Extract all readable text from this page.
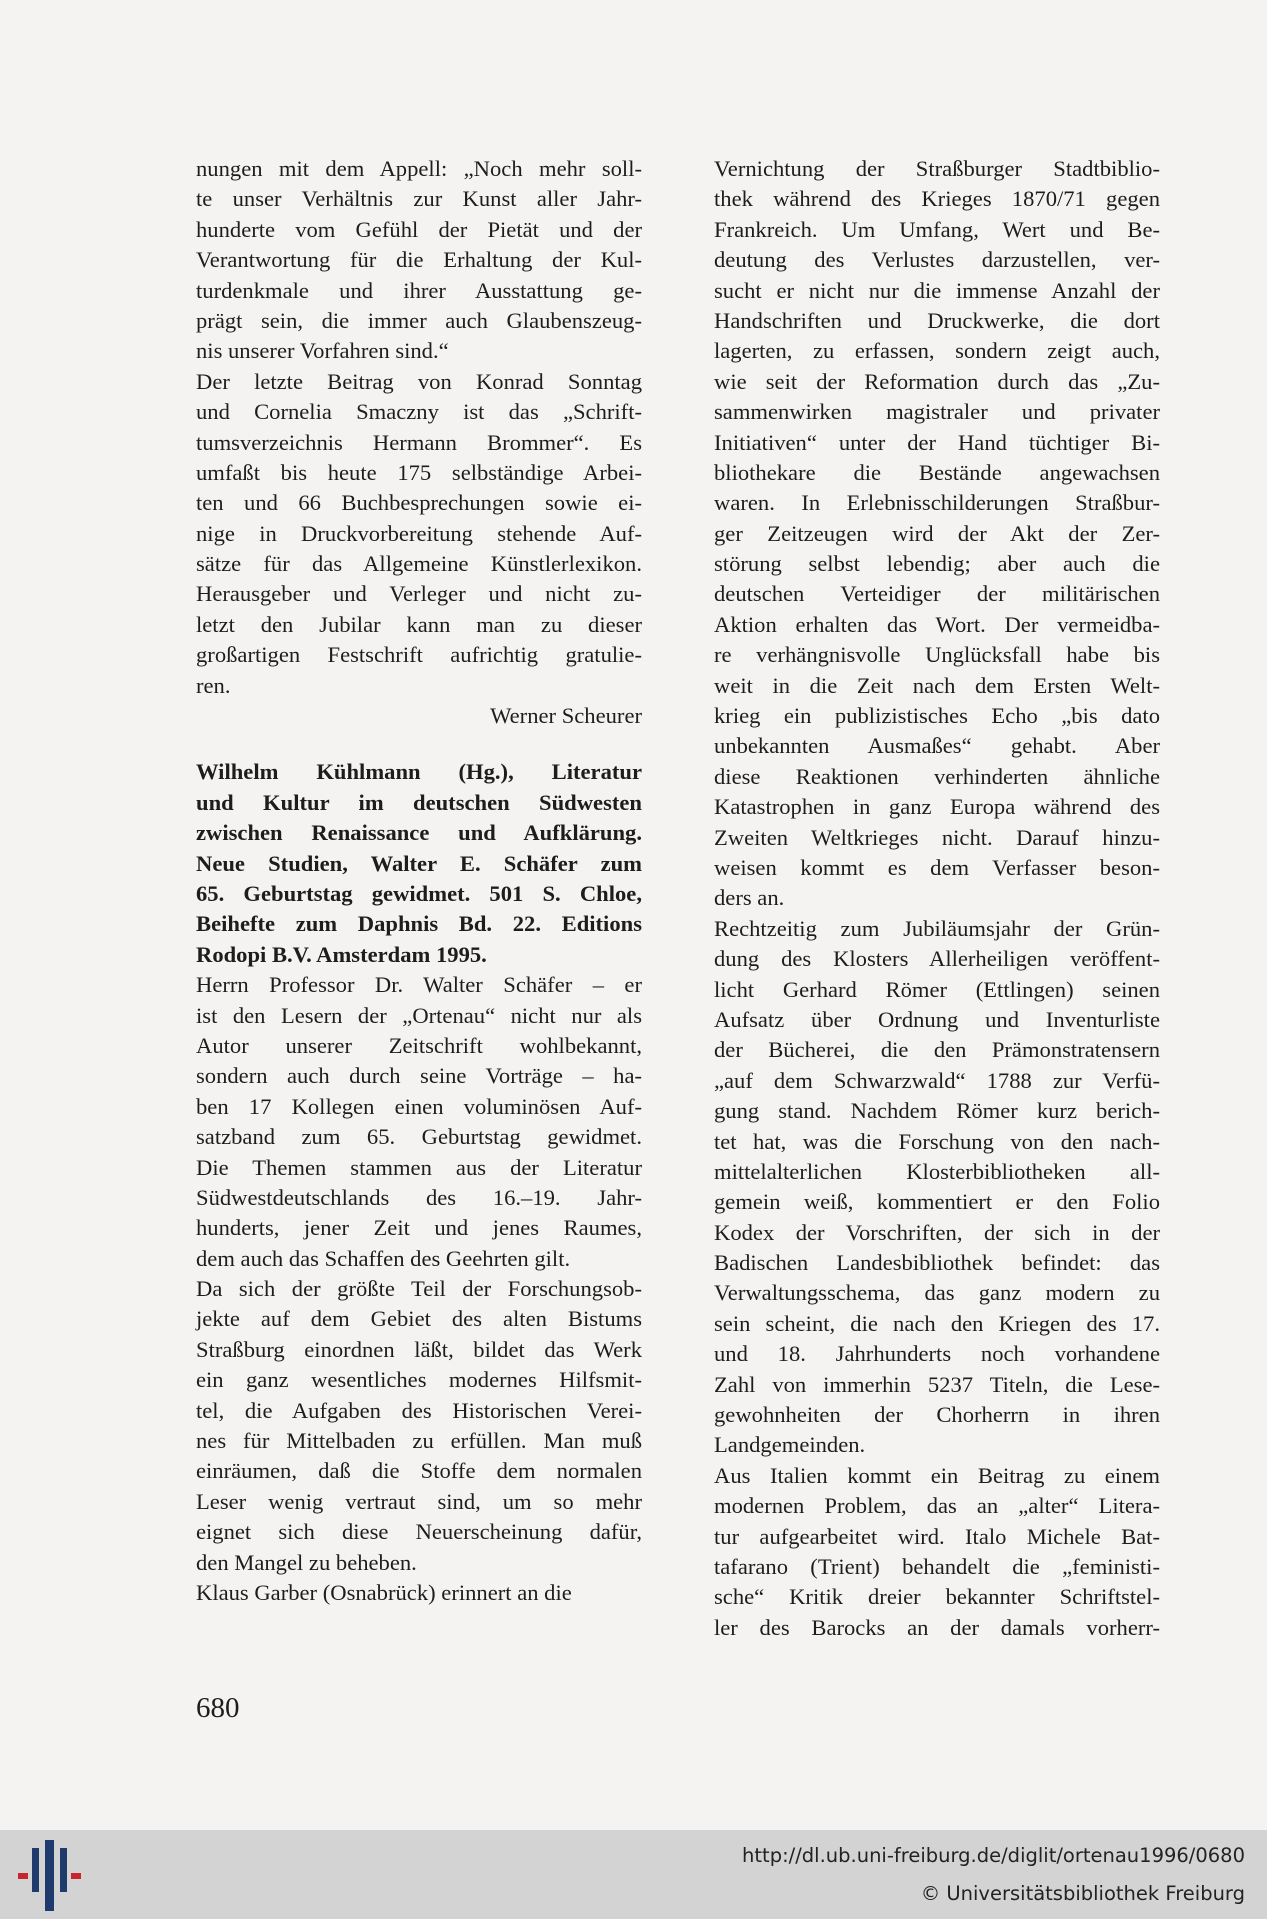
nungen mit dem Appell: „Noch mehr soll-
te unser Verhältnis zur Kunst aller Jahr-
hunderte vom Gefühl der Pietät und der
Verantwortung für die Erhaltung der Kul-
turdenkmale und ihrer Ausstattung ge-
prägt sein, die immer auch Glaubenszeug-
nis unserer Vorfahren sind.“
Der letzte Beitrag von Konrad Sonntag
und Cornelia Smaczny ist das „Schrift-
tumsverzeichnis Hermann Brommer“. Es
umfaßt bis heute 175 selbständige Arbei-
ten und 66 Buchbesprechungen sowie ei-
nige in Druckvorbereitung stehende Auf-
sätze für das Allgemeine Künstlerlexikon.
Herausgeber und Verleger und nicht zu-
letzt den Jubilar kann man zu dieser
großartigen Festschrift aufrichtig gratulie-
ren.
Werner Scheurer
Wilhelm Kühlmann (Hg.), Literatur
und Kultur im deutschen Südwesten
zwischen Renaissance und Aufklärung.
Neue Studien, Walter E. Schäfer zum
65. Geburtstag gewidmet. 501 S. Chloe,
Beihefte zum Daphnis Bd. 22. Editions
Rodopi B.V. Amsterdam 1995.
Herrn Professor Dr. Walter Schäfer – er
ist den Lesern der „Ortenau“ nicht nur als
Autor unserer Zeitschrift wohlbekannt,
sondern auch durch seine Vorträge – ha-
ben 17 Kollegen einen voluminösen Auf-
satzband zum 65. Geburtstag gewidmet.
Die Themen stammen aus der Literatur
Südwestdeutschlands des 16.–19. Jahr-
hunderts, jener Zeit und jenes Raumes,
dem auch das Schaffen des Geehrten gilt.
Da sich der größte Teil der Forschungsob-
jekte auf dem Gebiet des alten Bistums
Straßburg einordnen läßt, bildet das Werk
ein ganz wesentliches modernes Hilfsmit-
tel, die Aufgaben des Historischen Verei-
nes für Mittelbaden zu erfüllen. Man muß
einräumen, daß die Stoffe dem normalen
Leser wenig vertraut sind, um so mehr
eignet sich diese Neuerscheinung dafür,
den Mangel zu beheben.
Klaus Garber (Osnabrück) erinnert an die
Vernichtung der Straßburger Stadtbiblio-
thek während des Krieges 1870/71 gegen
Frankreich. Um Umfang, Wert und Be-
deutung des Verlustes darzustellen, ver-
sucht er nicht nur die immense Anzahl der
Handschriften und Druckwerke, die dort
lagerten, zu erfassen, sondern zeigt auch,
wie seit der Reformation durch das „Zu-
sammenwirken magistraler und privater
Initiativen“ unter der Hand tüchtiger Bi-
bliothekare die Bestände angewachsen
waren. In Erlebnisschilderungen Straßbur-
ger Zeitzeugen wird der Akt der Zer-
störung selbst lebendig; aber auch die
deutschen Verteidiger der militärischen
Aktion erhalten das Wort. Der vermeidba-
re verhängnisvolle Unglücksfall habe bis
weit in die Zeit nach dem Ersten Welt-
krieg ein publizistisches Echo „bis dato
unbekannten Ausmaßes“ gehabt. Aber
diese Reaktionen verhinderten ähnliche
Katastrophen in ganz Europa während des
Zweiten Weltkrieges nicht. Darauf hinzu-
weisen kommt es dem Verfasser beson-
ders an.
Rechtzeitig zum Jubiläumsjahr der Grün-
dung des Klosters Allerheiligen veröffent-
licht Gerhard Römer (Ettlingen) seinen
Aufsatz über Ordnung und Inventurliste
der Bücherei, die den Prämonstratensern
„auf dem Schwarzwald“ 1788 zur Verfü-
gung stand. Nachdem Römer kurz berich-
tet hat, was die Forschung von den nach-
mittelalterlichen Klosterbibliotheken all-
gemein weiß, kommentiert er den Folio
Kodex der Vorschriften, der sich in der
Badischen Landesbibliothek befindet: das
Verwaltungsschema, das ganz modern zu
sein scheint, die nach den Kriegen des 17.
und 18. Jahrhunderts noch vorhandene
Zahl von immerhin 5237 Titeln, die Lese-
gewohnheiten der Chorherrn in ihren
Landgemeinden.
Aus Italien kommt ein Beitrag zu einem
modernen Problem, das an „alter“ Litera-
tur aufgearbeitet wird. Italo Michele Bat-
tafarano (Trient) behandelt die „feministi-
sche“ Kritik dreier bekannter Schriftstel-
ler des Barocks an der damals vorherr-
680
http://dl.ub.uni-freiburg.de/diglit/ortenau1996/0680
© Universitätsbibliothek Freiburg
